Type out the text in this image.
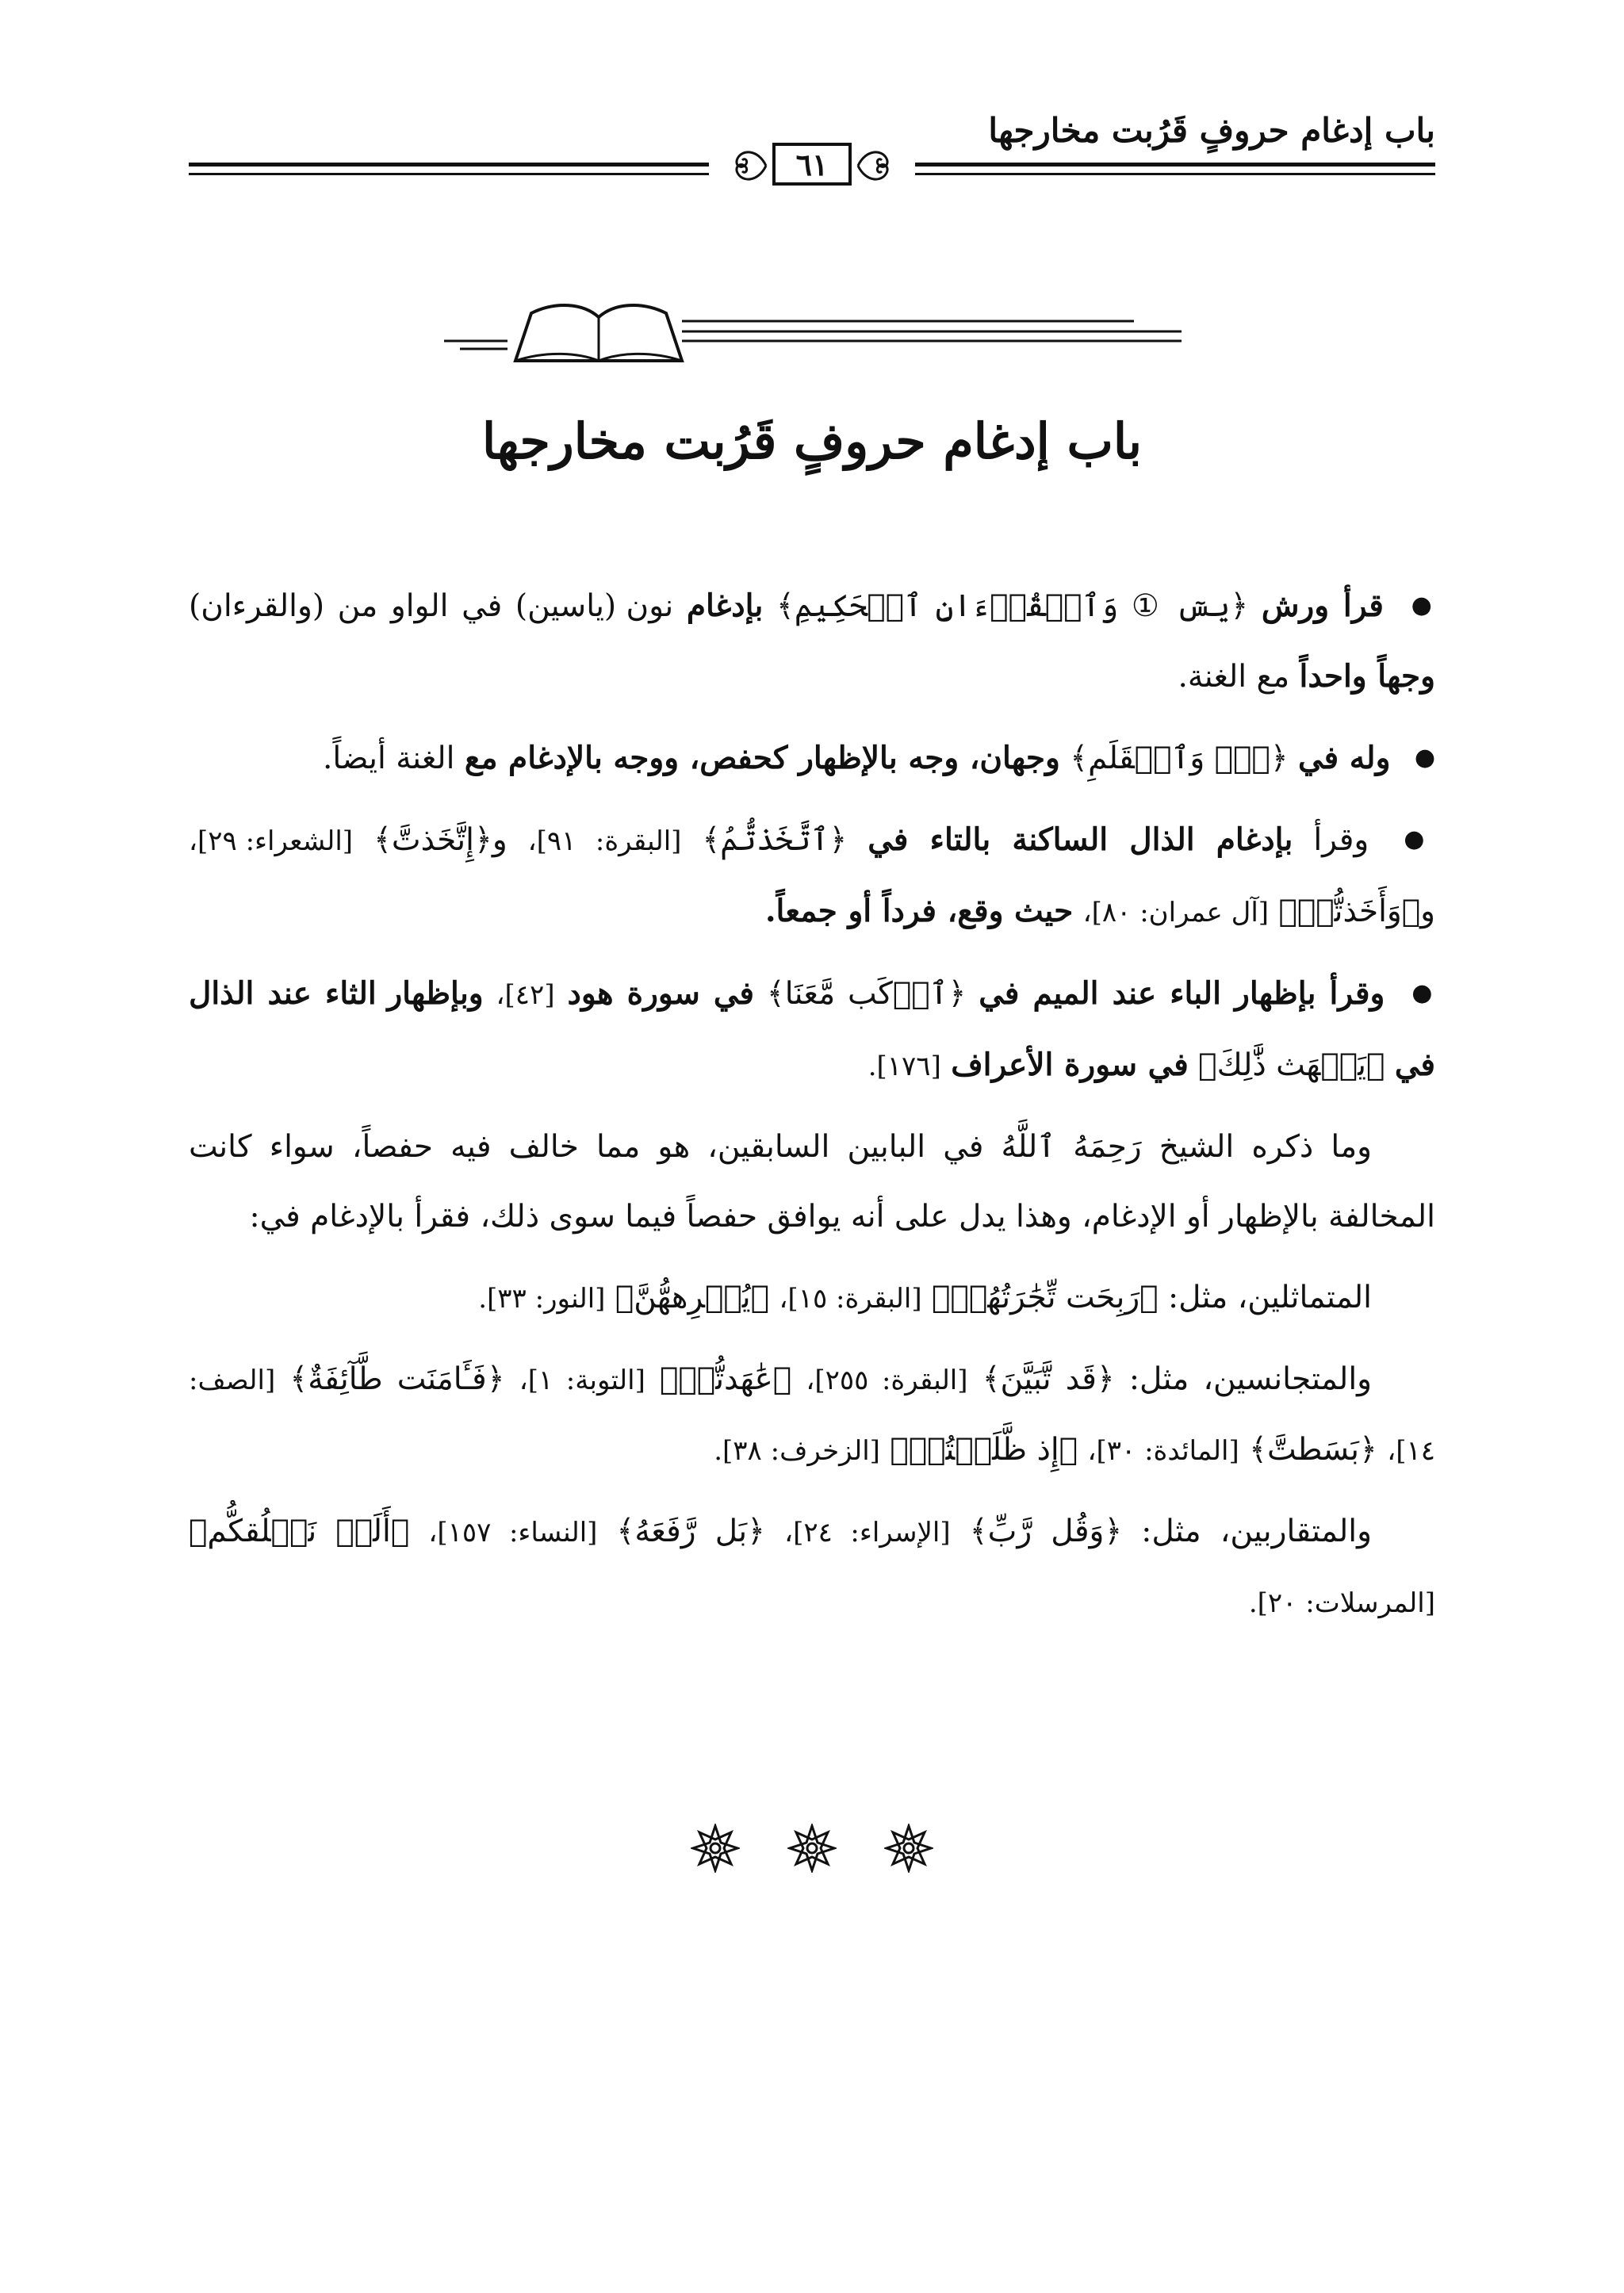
باب إدغام حروفٍ قَرُبت مخارجها
٦١
باب إدغام حروفٍ قَرُبت مخارجها

● قرأ ورش ﴿يسٓ ① وَٱلۡقُرۡءَانِ ٱلۡحَكِيمِ﴾ بإدغام نون (ياسين) في الواو من (والقرءان) وجهاً واحداً مع الغنة.

● وله في ﴿نٓۚ وَٱلۡقَلَمِ﴾ وجهان، وجه بالإظهار كحفص، ووجه بالإدغام مع الغنة أيضاً.

● وقرأ بإدغام الذال الساكنة بالتاء في ﴿ٱتَّخَذتُّمُ﴾ [البقرة: ٩١]، و﴿إِتَّخَذتَّ﴾ [الشعراء: ٢٩]، و﴿وَأَخَذتُّمۡ﴾ [آل عمران: ٨٠]، حيث وقع، فرداً أو جمعاً.

● وقرأ بإظهار الباء عند الميم في ﴿ٱرۡكَب مَّعَنَا﴾ في سورة هود [٤٢]، وبإظهار الثاء عند الذال في ﴿يَلۡهَث ذَّٰلِكَ﴾ في سورة الأعراف [١٧٦].

وما ذكره الشيخ رَحِمَهُ ٱللَّهُ في البابين السابقين، هو مما خالف فيه حفصاً، سواء كانت المخالفة بالإظهار أو الإدغام، وهذا يدل على أنه يوافق حفصاً فيما سوى ذلك، فقرأ بالإدغام في:

المتماثلين، مثل: ﴿رَبِحَت تِّجَٰرَتُهُمۡ﴾ [البقرة: ١٥]، ﴿يُكۡرِههُّنَّ﴾ [النور: ٣٣].

والمتجانسين، مثل: ﴿قَد تَّبَيَّنَ﴾ [البقرة: ٢٥٥]، ﴿عَٰهَدتُّمۡ﴾ [التوبة: ١]، ﴿فَـَٔامَنَت طَّآئِفَةٌ﴾ [الصف: ١٤]، ﴿بَسَطتَّ﴾ [المائدة: ٣٠]، ﴿إِذ ظَّلَمۡتُمۡ﴾ [الزخرف: ٣٨].

والمتقاربين، مثل: ﴿وَقُل رَّبِّ﴾ [الإسراء: ٢٤]، ﴿بَل رَّفَعَهُ﴾ [النساء: ١٥٧]، ﴿أَلَمۡ نَخۡلُقكُّم﴾ [المرسلات: ٢٠].
